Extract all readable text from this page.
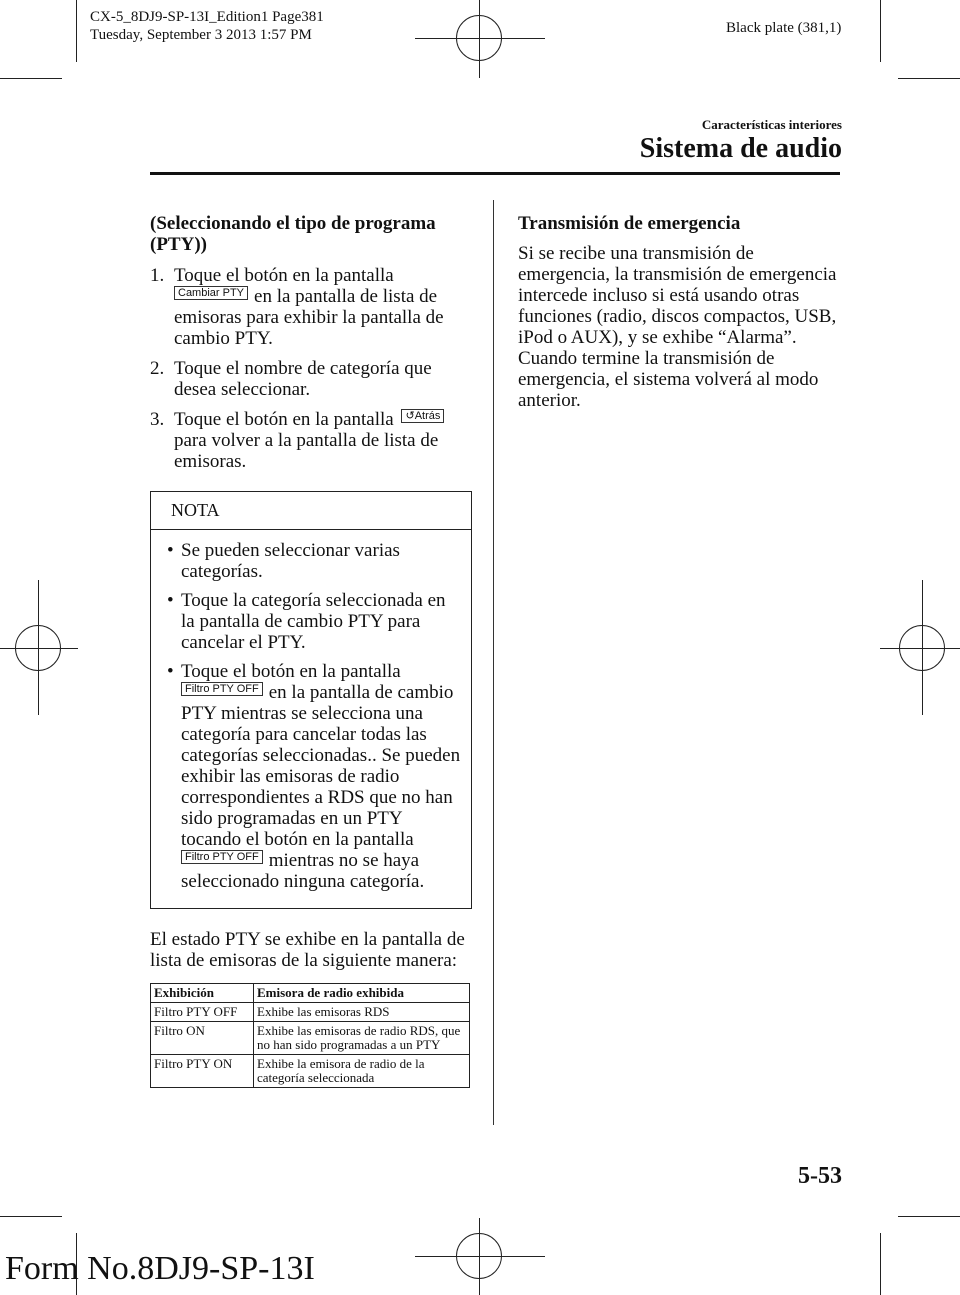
CX-5_8DJ9-SP-13I_Edition1 Page381
Tuesday, September 3 2013 1:57 PM	Black plate (381,1)
Características interiores
Sistema de audio
(Seleccionando el tipo de programa (PTY))
1. Toque el botón en la pantalla
Cambiar PTY en la pantalla de lista de emisoras para exhibir la pantalla de cambio PTY.
2. Toque el nombre de categoría que desea seleccionar.
3. Toque el botón en la pantalla ↺Atrás
para volver a la pantalla de lista de emisoras.
NOTA
• Se pueden seleccionar varias categorías.
• Toque la categoría seleccionada en la pantalla de cambio PTY para cancelar el PTY.
• Toque el botón en la pantalla
Filtro PTY OFF en la pantalla de cambio PTY mientras se selecciona una categoría para cancelar todas las categorías seleccionadas.. Se pueden exhibir las emisoras de radio correspondientes a RDS que no han sido programadas en un PTY tocando el botón en la pantalla
Filtro PTY OFF mientras no se haya seleccionado ninguna categoría.
El estado PTY se exhibe en la pantalla de lista de emisoras de la siguiente manera:
Exhibición	Emisora de radio exhibida
Filtro PTY OFF	Exhibe las emisoras RDS
Filtro ON	Exhibe las emisoras de radio RDS, que no han sido programadas a un PTY
Filtro PTY ON	Exhibe la emisora de radio de la categoría seleccionada
Transmisión de emergencia
Si se recibe una transmisión de emergencia, la transmisión de emergencia intercede incluso si está usando otras funciones (radio, discos compactos, USB, iPod o AUX), y se exhibe “Alarma”. Cuando termine la transmisión de emergencia, el sistema volverá al modo anterior.
5-53
Form No.8DJ9-SP-13I
